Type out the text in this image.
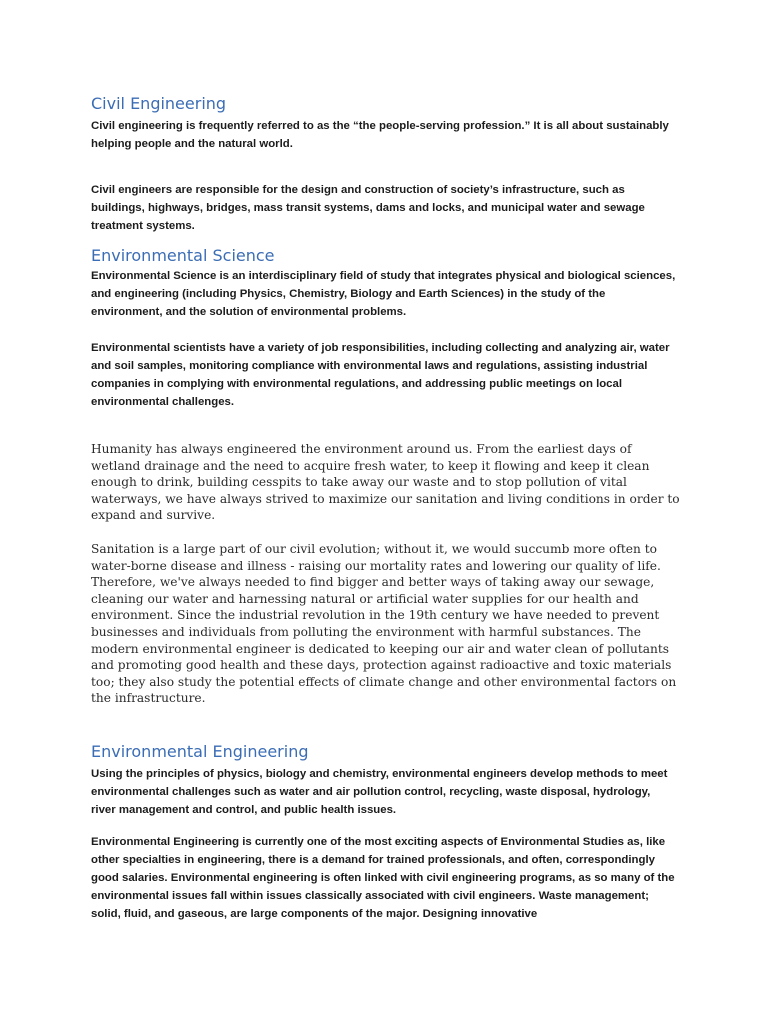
Civil Engineering

Civil engineering is frequently referred to as the “the people-serving profession.” It is all about sustainably helping people and the natural world.

Civil engineers are responsible for the design and construction of society’s infrastructure, such as buildings, highways, bridges, mass transit systems, dams and locks, and municipal water and sewage treatment systems.

Environmental Science

Environmental Science is an interdisciplinary field of study that integrates physical and biological sciences, and engineering (including Physics, Chemistry, Biology and Earth Sciences) in the study of the environment, and the solution of environmental problems.

Environmental scientists have a variety of job responsibilities, including collecting and analyzing air, water and soil samples, monitoring compliance with environmental laws and regulations, assisting industrial companies in complying with environmental regulations, and addressing public meetings on local environmental challenges.

Humanity has always engineered the environment around us. From the earliest days of wetland drainage and the need to acquire fresh water, to keep it flowing and keep it clean enough to drink, building cesspits to take away our waste and to stop pollution of vital waterways, we have always strived to maximize our sanitation and living conditions in order to expand and survive.

Sanitation is a large part of our civil evolution; without it, we would succumb more often to water-borne disease and illness - raising our mortality rates and lowering our quality of life. Therefore, we've always needed to find bigger and better ways of taking away our sewage, cleaning our water and harnessing natural or artificial water supplies for our health and environment. Since the industrial revolution in the 19th century we have needed to prevent businesses and individuals from polluting the environment with harmful substances. The modern environmental engineer is dedicated to keeping our air and water clean of pollutants and promoting good health and these days, protection against radioactive and toxic materials too; they also study the potential effects of climate change and other environmental factors on the infrastructure.

Environmental Engineering

Using the principles of physics, biology and chemistry, environmental engineers develop methods to meet environmental challenges such as water and air pollution control, recycling, waste disposal, hydrology, river management and control, and public health issues.

Environmental Engineering is currently one of the most exciting aspects of Environmental Studies as, like other specialties in engineering, there is a demand for trained professionals, and often, correspondingly good salaries. Environmental engineering is often linked with civil engineering programs, as so many of the environmental issues fall within issues classically associated with civil engineers. Waste management; solid, fluid, and gaseous, are large components of the major. Designing innovative
